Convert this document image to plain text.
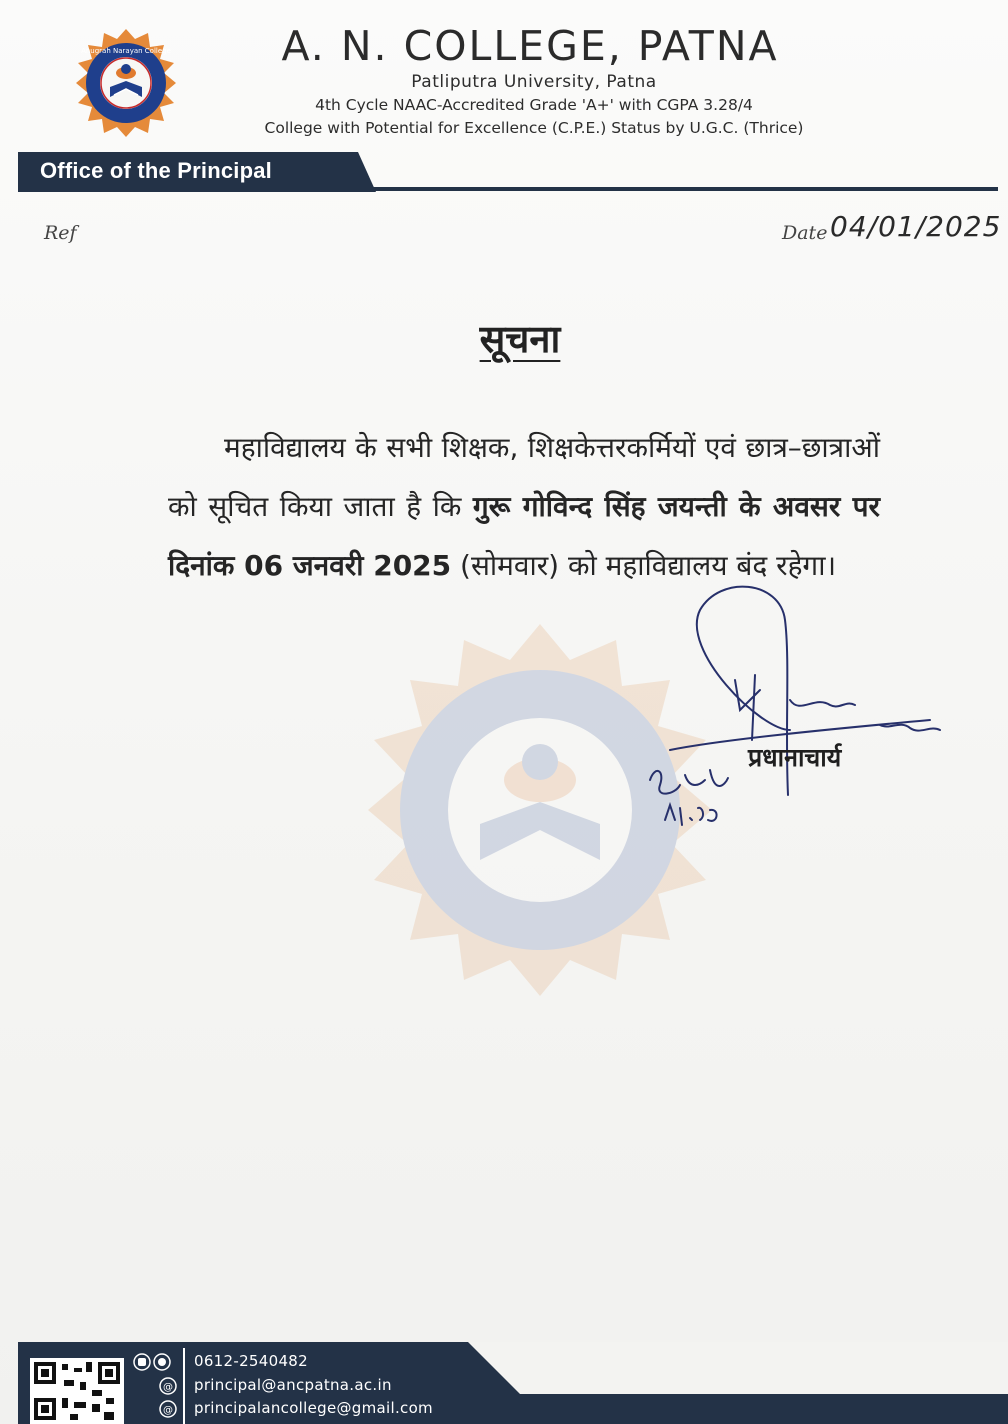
Anugrah Narayan College	A. N. COLLEGE, PATNA
Patliputra University, Patna
4th Cycle NAAC-Accredited Grade 'A+' with CGPA 3.28/4
College with Potential for Excellence (C.P.E.) Status by U.G.C. (Thrice)
Office of the Principal
Ref	Date 04/01/2025
सूचना
महाविद्यालय के सभी शिक्षक, शिक्षकेत्तरकर्मियों एवं छात्र–छात्राओं को सूचित किया जाता है कि गुरू गोविन्द सिंह जयन्ती के अवसर पर दिनांक 06 जनवरी 2025 (सोमवार) को महाविद्यालय बंद रहेगा।
प्रधानाचार्य
@
@
0612-2540482
principal@ancpatna.ac.in
principalancollege@gmail.com
